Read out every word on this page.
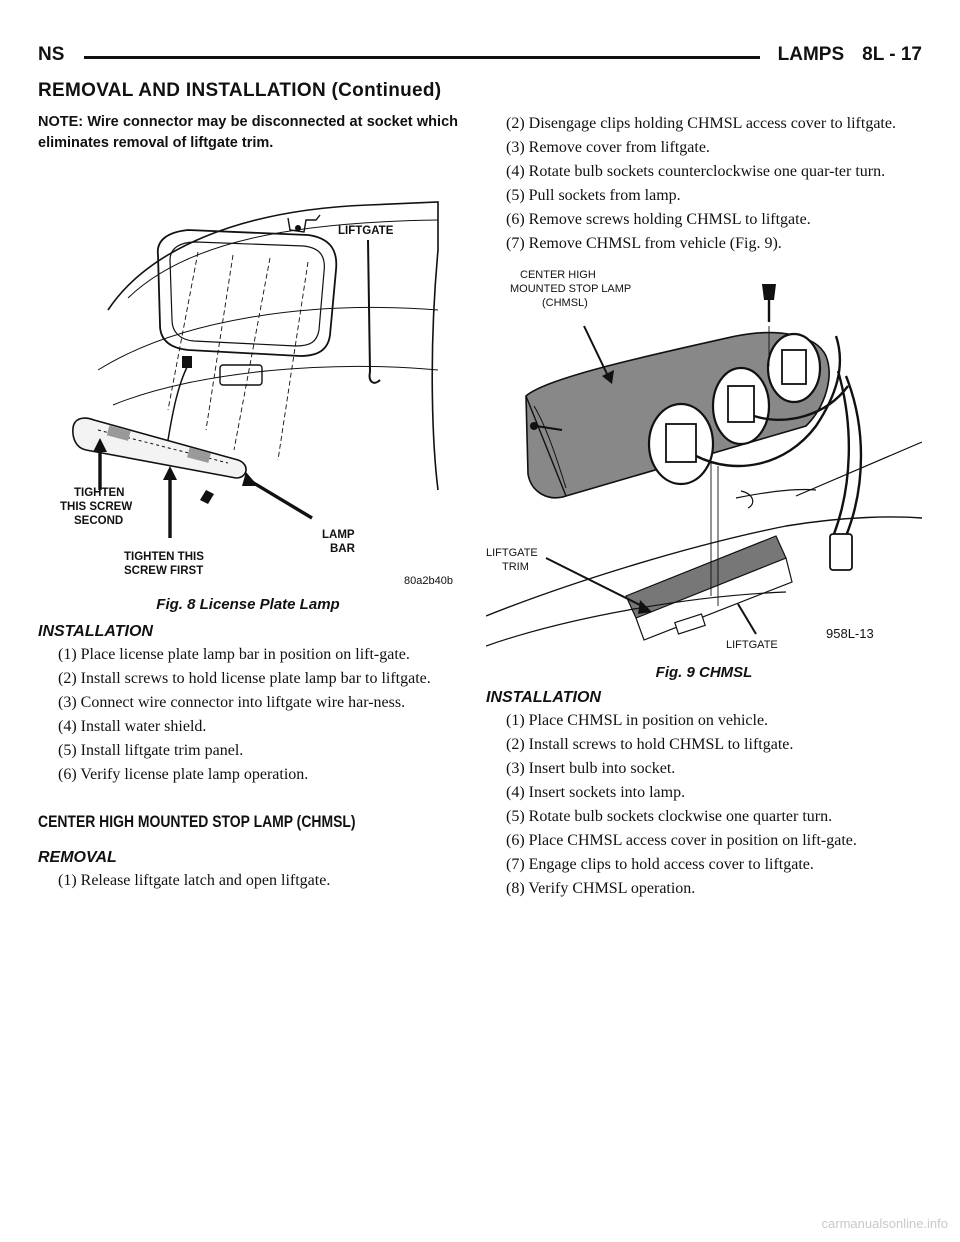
NS	LAMPS 8L - 17
REMOVAL AND INSTALLATION (Continued)

NOTE: Wire connector may be disconnected at socket which eliminates removal of liftgate trim.

LIFTGATE
TIGHTEN
THIS SCREW
SECOND
TIGHTEN THIS
SCREW FIRST
LAMP
BAR
80a2b40b
Fig. 8 License Plate Lamp
INSTALLATION

(1) Place license plate lamp bar in position on lift-gate.

(2) Install screws to hold license plate lamp bar to liftgate.

(3) Connect wire connector into liftgate wire har-ness.

(4) Install water shield.

(5) Install liftgate trim panel.

(6) Verify license plate lamp operation.

CENTER HIGH MOUNTED STOP LAMP (CHMSL)
REMOVAL

(1) Release liftgate latch and open liftgate.

(2) Disengage clips holding CHMSL access cover to liftgate.

(3) Remove cover from liftgate.

(4) Rotate bulb sockets counterclockwise one quar-ter turn.

(5) Pull sockets from lamp.

(6) Remove screws holding CHMSL to liftgate.

(7) Remove CHMSL from vehicle (Fig. 9).

CENTER HIGH
MOUNTED STOP LAMP
(CHMSL)
LIFTGATE
TRIM
LIFTGATE
958L-13
Fig. 9 CHMSL
INSTALLATION

(1) Place CHMSL in position on vehicle.

(2) Install screws to hold CHMSL to liftgate.

(3) Insert bulb into socket.

(4) Insert sockets into lamp.

(5) Rotate bulb sockets clockwise one quarter turn.

(6) Place CHMSL access cover in position on lift-gate.

(7) Engage clips to hold access cover to liftgate.

(8) Verify CHMSL operation.

carmanualsonline.info
